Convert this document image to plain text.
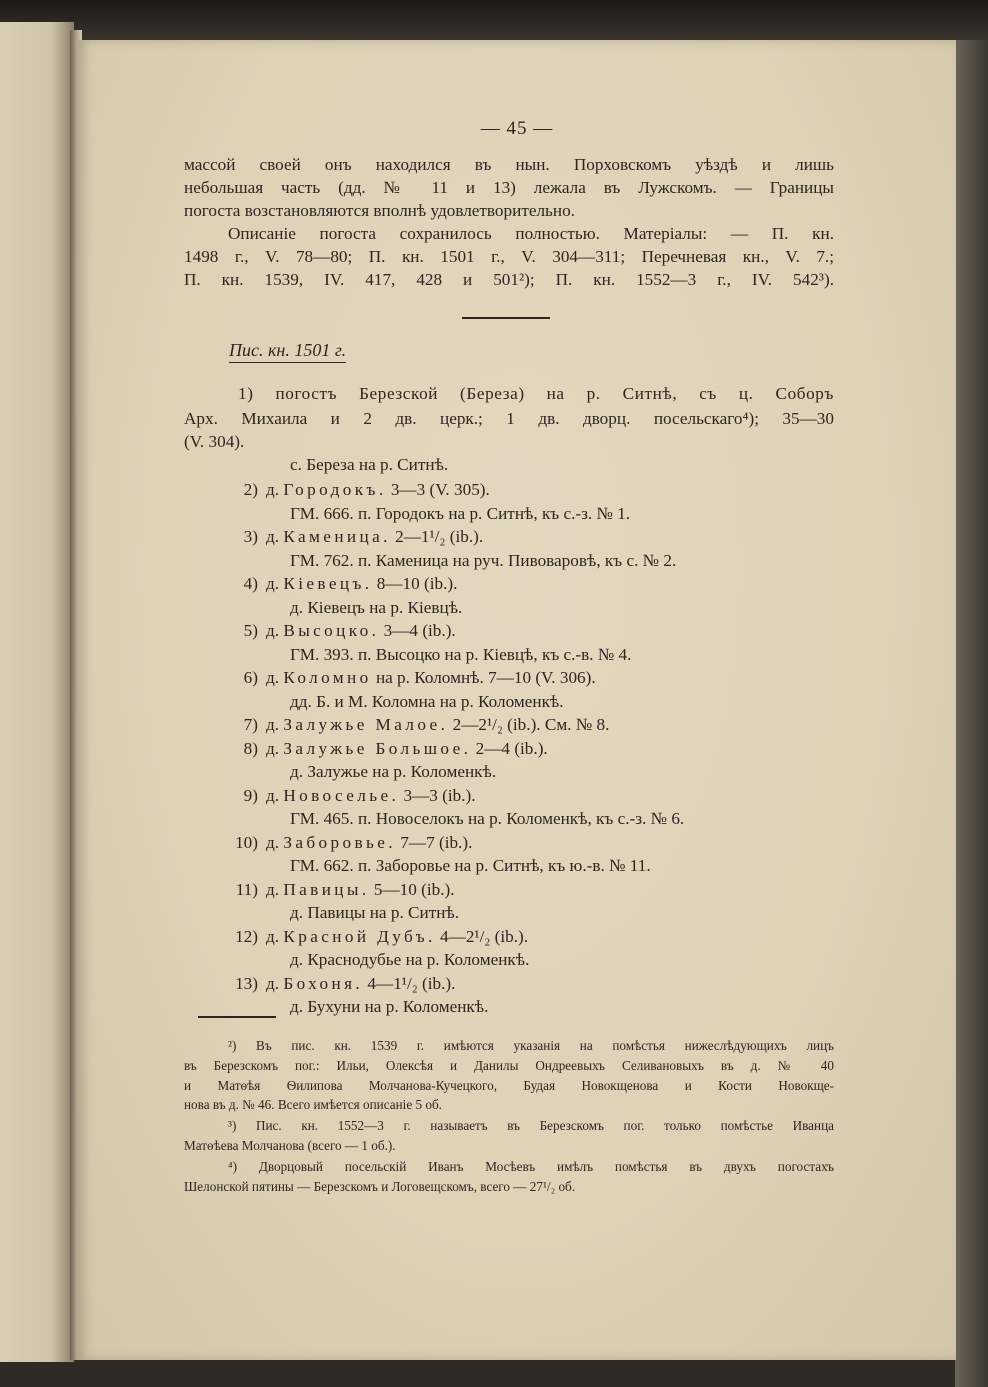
— 45 —
массой своей онъ находился въ нын. Порховскомъ уѣздѣ и лишь
небольшая часть (дд. № 11 и 13) лежала въ Лужскомъ. — Границы
погоста возстановляются вполнѣ удовлетворительно.
Описаніе погоста сохранилось полностью. Матеріалы: — П. кн.
1498 г., V. 78—80; П. кн. 1501 г., V. 304—311; Перечневая кн., V. 7.;
П. кн. 1539, IV. 417, 428 и 501²); П. кн. 1552—3 г., IV. 542³).
Пис. кн. 1501 г.
1) погостъ Березской (Береза) на р. Ситнѣ, съ ц. Соборъ
Арх. Михаила и 2 дв. церк.; 1 дв. дворц. посельскаго⁴); 35—30
(V. 304).
с. Береза на р. Ситнѣ.
2) д. Городокъ. 3—3 (V. 305).
ГМ. 666. п. Городокъ на р. Ситнѣ, къ с.-з. № 1.
3) д. Каменица. 2—1¹/₂ (ib.).
ГМ. 762. п. Каменица на руч. Пивоваровѣ, къ с. № 2.
4) д. Кіевецъ. 8—10 (ib.).
д. Кіевецъ на р. Кіевцѣ.
5) д. Высоцко. 3—4 (ib.).
ГМ. 393. п. Высоцко на р. Кіевцѣ, къ с.-в. № 4.
6) д. Коломно на р. Коломнѣ. 7—10 (V. 306).
дд. Б. и М. Коломна на р. Коломенкѣ.
7) д. Залужье Малое. 2—2¹/₂ (ib.). См. № 8.
8) д. Залужье Большое. 2—4 (ib.).
д. Залужье на р. Коломенкѣ.
9) д. Новоселье. 3—3 (ib.).
ГМ. 465. п. Новоселокъ на р. Коломенкѣ, къ с.-з. № 6.
10) д. Заборовье. 7—7 (ib.).
ГМ. 662. п. Заборовье на р. Ситнѣ, къ ю.-в. № 11.
11) д. Павицы. 5—10 (ib.).
д. Павицы на р. Ситнѣ.
12) д. Красной Дубъ. 4—2¹/₂ (ib.).
д. Краснодубье на р. Коломенкѣ.
13) д. Бохоня. 4—1¹/₂ (ib.).
д. Бухуни на р. Коломенкѣ.
²) Въ пис. кн. 1539 г. имѣются указанія на помѣстья нижеслѣдующихъ лицъ
въ Березскомъ пог.: Ильи, Олексѣя и Данилы Ондреевыхъ Селивановыхъ въ д. № 40
и Матѳѣя Ѳилипова Молчанова-Кучецкого, Будая Новокщенова и Кости Новокще-
нова въ д. № 46. Всего имѣется описаніе 5 об.
³) Пис. кн. 1552—3 г. называетъ въ Березскомъ пог. только помѣстье Иванца
Матѳѣева Молчанова (всего — 1 об.).
⁴) Дворцовый посельскій Иванъ Мосѣевъ имѣлъ помѣстья въ двухъ погостахъ
Шелонской пятины — Березскомъ и Логовещскомъ, всего — 27¹/₂ об.
